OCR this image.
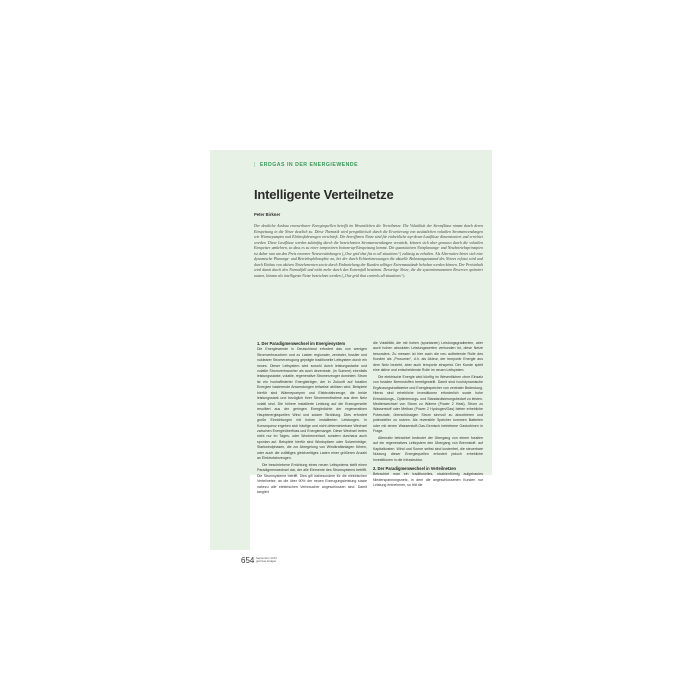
| ERDGAS IN DER ENERGIEWENDE
Intelligente Verteilnetze
Peter Birkner
Der deutliche Ausbau erneuerbarer Energiequellen betrifft im Wesentlichen die Verteilnetze. Die Volatilität der Stromflüsse nimmt durch deren Einspeisung in die Netze deutlich zu. Diese Thematik wird perspektivisch durch die Erweiterung von zusätzlichen volatilen Stromanwendungen wie Wärmepumpen und Elektrofahrzeugen verschärft. Die betroffenen Netze sind für einheitliche top-down-Lastflüsse dimensioniert und errichtet worden. Diese Lastflüsse werden zukünftig durch die bezeichneten Stromanwendungen verstärkt, können sich aber genauso durch die volatilen Einspeiser umkehren, so dass es zu einer temporären bottom-up-Einspeisung kommt. Die quantitativen Netzplanungs- und Netzbetriebsprinzipien ist daher nun um den Preis enormer Netzverstärkungen („One grid that fits to all situations“) zulässig zu erhalten. Als Alternative bietet sich eine dynamische Planungs- und Betriebsphilosophie an, bei der durch Echtzeitmessungen die aktuelle Belastungszustand des Netzes erfasst wird und durch Einbau von aktiven Netzelementen sowie durch Einbeziehung der Kunden selbiger Extremzustände behoben werden können. Der Preisinhalt wird damit durch den Normalfall und nicht mehr durch den Extremfall bestimmt. Derartige Netze, die die systemimmanenten Reserven optimiert nutzen, können als intelligente Netze bezeichnet werden („One grid that controls all situations“).
1. Der Paradigmenwechsel im Energiesystem

Die Energiewende in Deutschland erfordert das von wenigen Stromverbrauchern und zu Lasten regionaler, zentraler, fossiler und nuklearer Stromerzeugung geprägte traditionelle Leitsystem durch ein neues. Dieser Leitsystem wird sowohl durch leistungsstarke und volatile Stromverbraucher als auch dezentrale, (in Summe) ebenfalls leistungsstarke, volatile, regenerative Stromerzeuger dominiert. Strom ist ein hochaffinierter Energieträger, der in Zukunft auf fossilen Energien basierende Anwendungen teilweise ablösen wird. Beispiele hierfür sind Wärmepumpen und Elektrofahrzeuge, die beide leistungsstark und bezüglich ihrer Strommenthahme aus dem Netz volatil sind. Die höhere installierte Leistung auf die Erzeugerseite resultiert aus der geringen Energiedichte der regenerativen Hauptenergiequellen Wind und solarer Strahlung. Dies erfordert große Einrichtungen mit hohen installierten Leistungen. In Konsequenz ergeben sich häufige und nicht determinierbare Wechsel zwischen Energieüberfluss und Energiemangel. Diese Wechsel treten nicht nur im Tages- oder Wochenverlauf, sondern durchaus auch spontan auf. Beispiele hierfür sind Windspitzen oder Solareinträge, Starkwindphasen, die zur Abregelung von Windkraftanlagen führen, oder auch die zufälliges gleichzeitiges Laden einer größeren Anzahl an Elektrofahrzeugen.

Die beschriebene Errichtung eines neuen Leitsystems stellt einen Paradigmenwechsel dar, der alle Elemente des Stromsystems betrifft. Die Stromsysteme betrifft. Dies gilt insbesondere für die elektrischen Verteilnetze, an die über 90% der neuen Erzeugungsleistung sowie nahezu alle elektrischen Verbraucher angeschlossen sind. Damit tangiert

die Volatilität, die mit hohen (spontanen) Leistungsgradienten, aber auch hohen absoluten Leistungswerten verbunden ist, diese Netze besonders. Zu messen ist hier auch die neu auftretende Rolle des Kunden als „Prosumer“, d.h. als Akteur, der temporär Energie aus dem Netz bezieht, aber auch temporär einspeist. Der Kunde spielt eine aktive und entscheidende Rolle im neuen Leitsystem.

Die elektrische Energie wird künftig im Wesentlichen ohne Einsatz von fossilen Brennstoffen bereitgestellt. Damit sind hochdynamische Ergänzungskraftwerke und Energiespeicher von zentraler Bedeutung. Hierzu sind erhebliche Investitionen erforderlich sowie hohe Entwicklungs-, Optimierungs- und Standardisierungsbedarf zu leisten. Medienwechsel von Strom zu Wärme (Power 2 Heat), Strom zu Wasserstoff oder Methan (Power 2 Hydrogen/Gas) bieten erhebliche Potenziale, überschüssigen Strom sinnvoll zu absorbieren und potenzieller zu nutzen. Als reversible Speicher kommen Batterien oder mit einem Wasserstoff-Gas-Gemisch betriebene Gasturbinen in Frage.

Alternativ betrachtet bedeutet der Übergang von einem fossilen auf ein regeneratives Leitsystem den Übergang von Brennstoff- auf Kapitalkosten. Wind und Sonne selbst sind kostenfrei, die steuerbare Nutzung dieser Energiequellen erfordert jedoch erhebliche Investitionen in die Infrastruktur.

2. Der Paradigmenwechsel in Verteilnetzen

Betrachtet man ein traditionelles, strahlenförmig aufgebautes Niederspannungsnetz, in dem die angeschlossenen Kunden nur Leistung entnehmen, so tritt die

654 September 2013
gwf-Gas Erdgas
